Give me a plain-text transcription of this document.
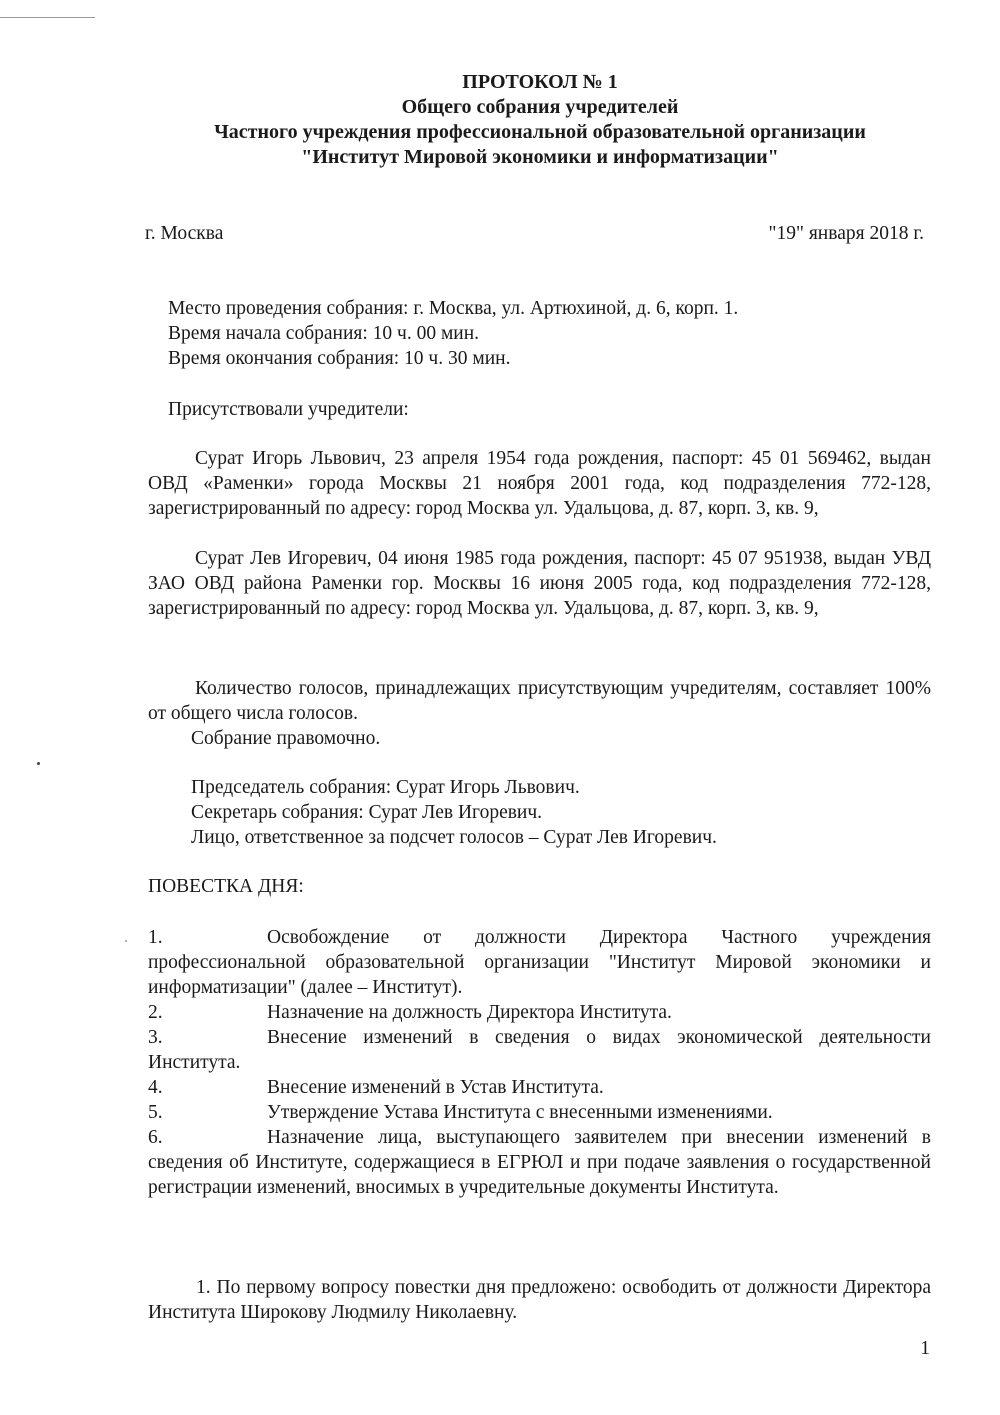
ПРОТОКОЛ № 1
Общего собрания учредителей
Частного учреждения профессиональной образовательной организации
"Институт Мировой экономики и информатизации"

г. Москва	"19" января 2018 г.

Место проведения собрания: г. Москва, ул. Артюхиной, д. 6, корп. 1.
Время начала собрания: 10 ч. 00 мин.
Время окончания собрания: 10 ч. 30 мин.

Присутствовали учредители:

Сурат Игорь Львович, 23 апреля 1954 года рождения, паспорт: 45 01 569462, выдан ОВД «Раменки» города Москвы 21 ноября 2001 года, код подразделения 772-128, зарегистрированный по адресу: город Москва ул. Удальцова, д. 87, корп. 3, кв. 9,

Сурат Лев Игоревич, 04 июня 1985 года рождения, паспорт: 45 07 951938, выдан УВД ЗАО ОВД района Раменки гор. Москвы 16 июня 2005 года, код подразделения 772-128, зарегистрированный по адресу: город Москва ул. Удальцова, д. 87, корп. 3, кв. 9,

Количество голосов, принадлежащих присутствующим учредителям, составляет 100% от общего числа голосов.

Собрание правомочно.

Председатель собрания: Сурат Игорь Львович.
Секретарь собрания: Сурат Лев Игоревич.
Лицо, ответственное за подсчет голосов – Сурат Лев Игоревич.

ПОВЕСТКА ДНЯ:

1.	Освобождение от должности Директора Частного учреждения профессиональной образовательной организации "Институт Мировой экономики и информатизации" (далее – Институт).
2.	Назначение на должность Директора Института.
3.	Внесение изменений в сведения о видах экономической деятельности Института.
4.	Внесение изменений в Устав Института.
5.	Утверждение Устава Института с внесенными изменениями.
6.	Назначение лица, выступающего заявителем при внесении изменений в сведения об Институте, содержащиеся в ЕГРЮЛ и при подаче заявления о государственной регистрации изменений, вносимых в учредительные документы Института.

1. По первому вопросу повестки дня предложено: освободить от должности Директора Института Широкову Людмилу Николаевну.

1
